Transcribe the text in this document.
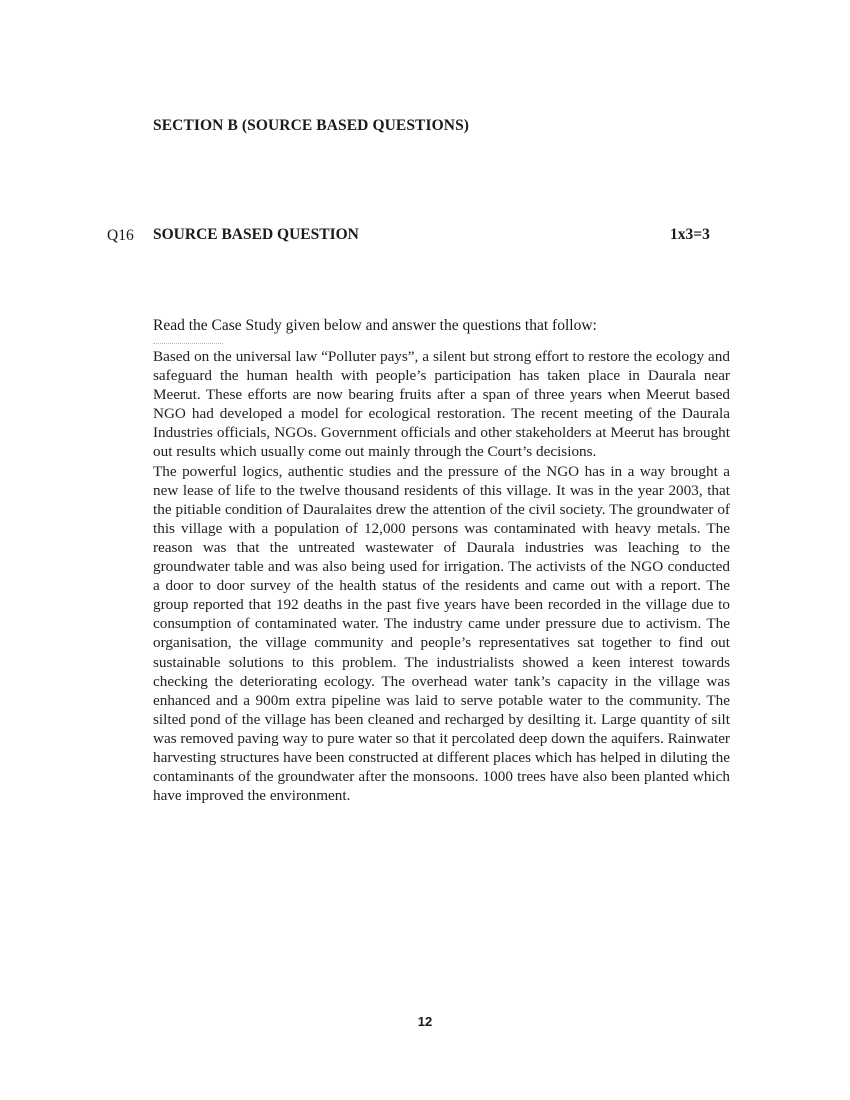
SECTION B (SOURCE BASED QUESTIONS)
Q16 SOURCE BASED QUESTION	1x3=3
Read the Case Study given below and answer the questions that follow:

Based on the universal law “Polluter pays”, a silent but strong effort to restore the ecology and safeguard the human health with people’s participation has taken place in Daurala near Meerut. These efforts are now bearing fruits after a span of three years when Meerut based NGO had developed a model for ecological restoration. The recent meeting of the Daurala Industries officials, NGOs. Government officials and other stakeholders at Meerut has brought out results which usually come out mainly through the Court’s decisions.

The powerful logics, authentic studies and the pressure of the NGO has in a way brought a new lease of life to the twelve thousand residents of this village. It was in the year 2003, that the pitiable condition of Dauralaites drew the attention of the civil society. The groundwater of this village with a population of 12,000 persons was contaminated with heavy metals. The reason was that the untreated wastewater of Daurala industries was leaching to the groundwater table and was also being used for irrigation. The activists of the NGO conducted a door to door survey of the health status of the residents and came out with a report. The group reported that 192 deaths in the past five years have been recorded in the village due to consumption of contaminated water. The industry came under pressure due to activism. The organisation, the village community and people’s representatives sat together to find out sustainable solutions to this problem. The industrialists showed a keen interest towards checking the deteriorating ecology. The overhead water tank’s capacity in the village was enhanced and a 900m extra pipeline was laid to serve potable water to the community. The silted pond of the village has been cleaned and recharged by desilting it. Large quantity of silt was removed paving way to pure water so that it percolated deep down the aquifers. Rainwater harvesting structures have been constructed at different places which has helped in diluting the contaminants of the groundwater after the monsoons. 1000 trees have also been planted which have improved the environment.

12
